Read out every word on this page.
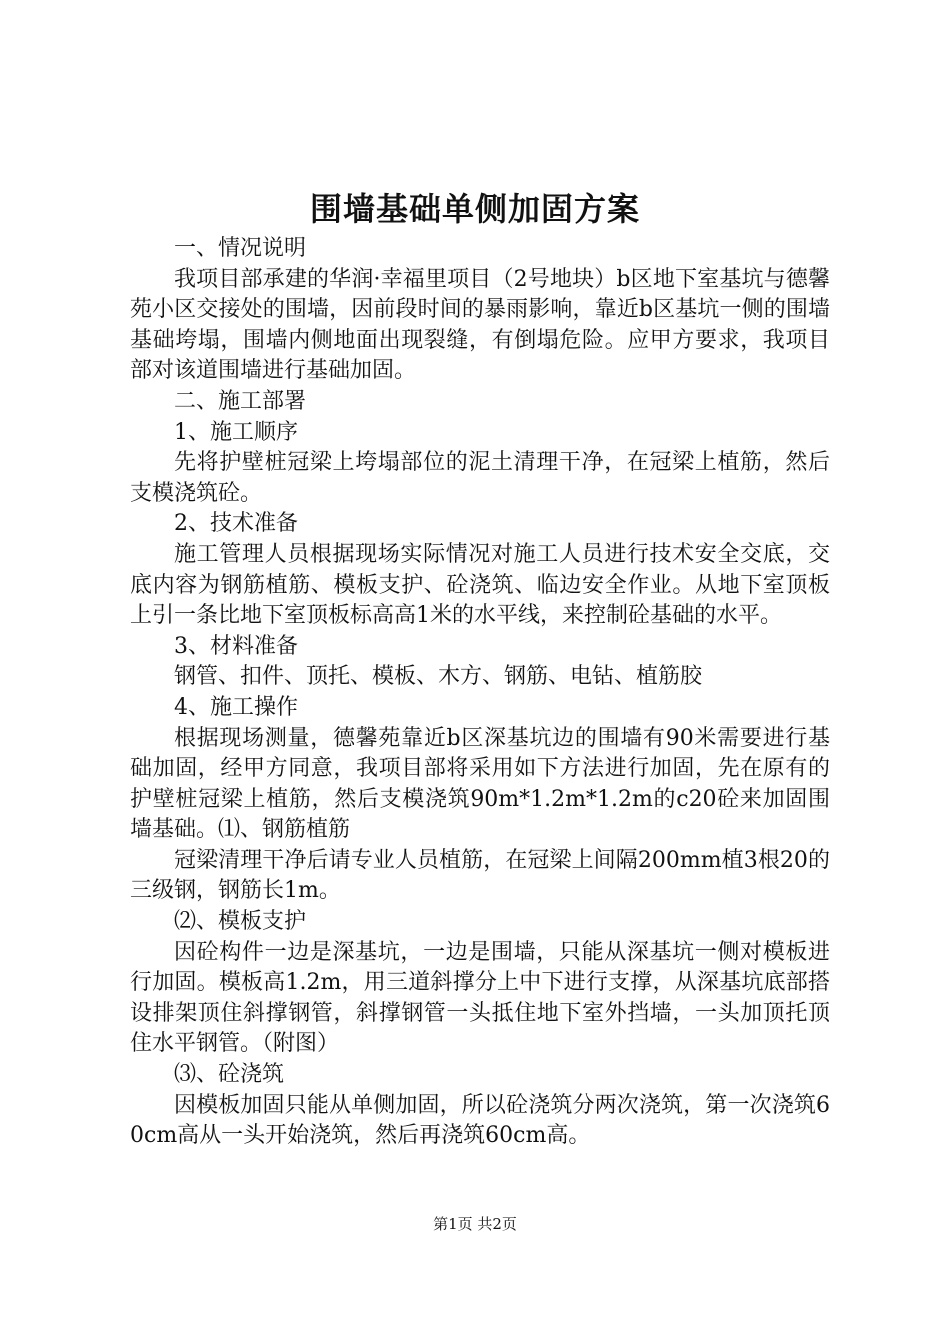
围墙基础单侧加固方案

一、情况说明

我项目部承建的华润·幸福里项目（2号地块）b区地下室基坑与德馨苑小区交接处的围墙，因前段时间的暴雨影响，靠近b区基坑一侧的围墙基础垮塌，围墙内侧地面出现裂缝，有倒塌危险。应甲方要求，我项目部对该道围墙进行基础加固。

二、施工部署

1、施工顺序

先将护壁桩冠梁上垮塌部位的泥土清理干净，在冠梁上植筋，然后支模浇筑砼。

2、技术准备

施工管理人员根据现场实际情况对施工人员进行技术安全交底，交底内容为钢筋植筋、模板支护、砼浇筑、临边安全作业。从地下室顶板上引一条比地下室顶板标高高1米的水平线，来控制砼基础的水平。

3、材料准备

钢管、扣件、顶托、模板、木方、钢筋、电钻、植筋胶

4、施工操作

根据现场测量，德馨苑靠近b区深基坑边的围墙有90米需要进行基础加固，经甲方同意，我项目部将采用如下方法进行加固，先在原有的护壁桩冠梁上植筋，然后支模浇筑90m*1.2m*1.2m的c20砼来加固围墙基础。⑴、钢筋植筋

冠梁清理干净后请专业人员植筋，在冠梁上间隔200mm植3根20的三级钢，钢筋长1m。

⑵、模板支护

因砼构件一边是深基坑，一边是围墙，只能从深基坑一侧对模板进行加固。模板高1.2m，用三道斜撑分上中下进行支撑，从深基坑底部搭设排架顶住斜撑钢管，斜撑钢管一头抵住地下室外挡墙，一头加顶托顶住水平钢管。（附图）

⑶、砼浇筑

因模板加固只能从单侧加固，所以砼浇筑分两次浇筑，第一次浇筑60cm高从一头开始浇筑，然后再浇筑60cm高。

第1页 共2页
